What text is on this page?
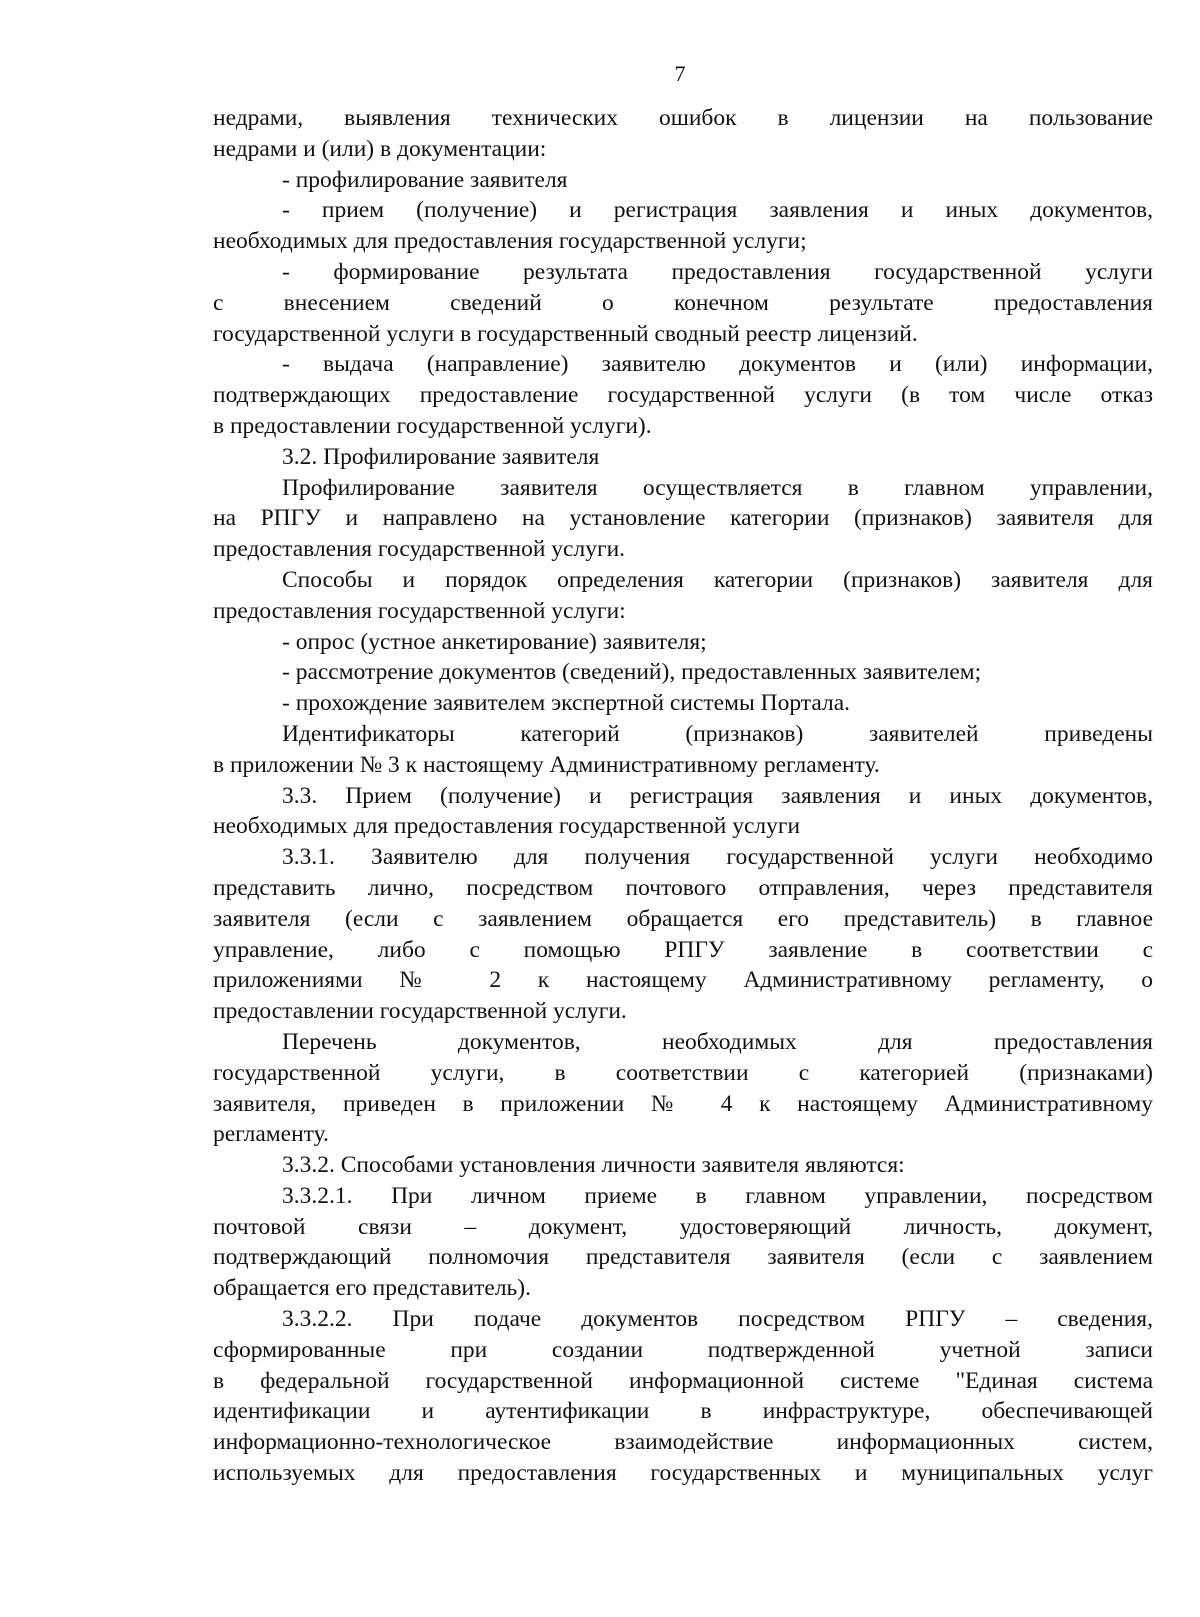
7
недрами, выявления технических ошибок в лицензии на пользование
недрами и (или) в документации:
- профилирование заявителя
- прием (получение) и регистрация заявления и иных документов,
необходимых для предоставления государственной услуги;
- формирование результата предоставления государственной услуги
с внесением сведений о конечном результате предоставления
государственной услуги в государственный сводный реестр лицензий.
- выдача (направление) заявителю документов и (или) информации,
подтверждающих предоставление государственной услуги (в том числе отказ
в предоставлении государственной услуги).
3.2. Профилирование заявителя
Профилирование заявителя осуществляется в главном управлении,
на РПГУ и направлено на установление категории (признаков) заявителя для
предоставления государственной услуги.
Способы и порядок определения категории (признаков) заявителя для
предоставления государственной услуги:
- опрос (устное анкетирование) заявителя;
- рассмотрение документов (сведений), предоставленных заявителем;
- прохождение заявителем экспертной системы Портала.
Идентификаторы категорий (признаков) заявителей приведены
в приложении № 3 к настоящему Административному регламенту.
3.3. Прием (получение) и регистрация заявления и иных документов,
необходимых для предоставления государственной услуги
3.3.1. Заявителю для получения государственной услуги необходимо
представить лично, посредством почтового отправления, через представителя
заявителя (если с заявлением обращается его представитель) в главное
управление, либо с помощью РПГУ заявление в соответствии с
приложениями № 2 к настоящему Административному регламенту, о
предоставлении государственной услуги.
Перечень документов, необходимых для предоставления
государственной услуги, в соответствии с категорией (признаками)
заявителя, приведен в приложении № 4 к настоящему Административному
регламенту.
3.3.2. Способами установления личности заявителя являются:
3.3.2.1. При личном приеме в главном управлении, посредством
почтовой связи – документ, удостоверяющий личность, документ,
подтверждающий полномочия представителя заявителя (если с заявлением
обращается его представитель).
3.3.2.2. При подаче документов посредством РПГУ – сведения,
сформированные при создании подтвержденной учетной записи
в федеральной государственной информационной системе "Единая система
идентификации и аутентификации в инфраструктуре, обеспечивающей
информационно-технологическое взаимодействие информационных систем,
используемых для предоставления государственных и муниципальных услуг
